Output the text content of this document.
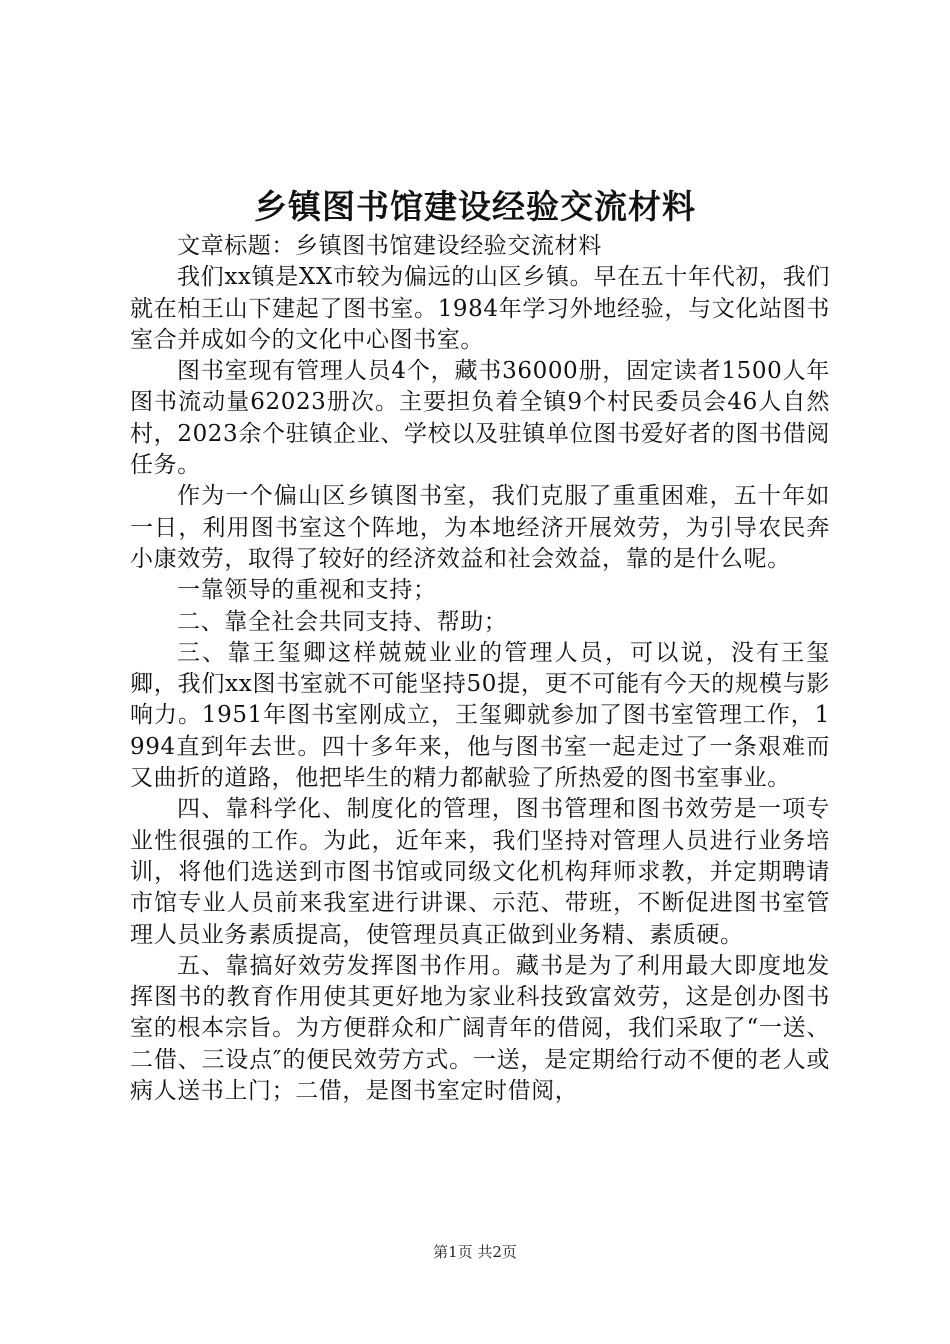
乡镇图书馆建设经验交流材料

文章标题：乡镇图书馆建设经验交流材料

我们xx镇是XX市较为偏远的山区乡镇。早在五十年代初，我们就在柏王山下建起了图书室。1984年学习外地经验，与文化站图书室合并成如今的文化中心图书室。

图书室现有管理人员4个，藏书36000册，固定读者1500人年图书流动量62023册次。主要担负着全镇9个村民委员会46人自然村，2023余个驻镇企业、学校以及驻镇单位图书爱好者的图书借阅任务。

作为一个偏山区乡镇图书室，我们克服了重重困难，五十年如一日，利用图书室这个阵地，为本地经济开展效劳，为引导农民奔小康效劳，取得了较好的经济效益和社会效益，靠的是什么呢。

一靠领导的重视和支持；

二、靠全社会共同支持、帮助；

三、靠王玺卿这样兢兢业业的管理人员，可以说，没有王玺卿，我们xx图书室就不可能坚持50提，更不可能有今天的规模与影响力。1951年图书室刚成立，王玺卿就参加了图书室管理工作，1994直到年去世。四十多年来，他与图书室一起走过了一条艰难而又曲折的道路，他把毕生的精力都献验了所热爱的图书室事业。

四、靠科学化、制度化的管理，图书管理和图书效劳是一项专业性很强的工作。为此，近年来，我们坚持对管理人员进行业务培训，将他们选送到市图书馆或同级文化机构拜师求教，并定期聘请市馆专业人员前来我室进行讲课、示范、带班，不断促进图书室管理人员业务素质提高，使管理员真正做到业务精、素质硬。

五、靠搞好效劳发挥图书作用。藏书是为了利用最大即度地发挥图书的教育作用使其更好地为家业科技致富效劳，这是创办图书室的根本宗旨。为方便群众和广阔青年的借阅，我们采取了“一送、二借、三设点″的便民效劳方式。一送，是定期给行动不便的老人或病人送书上门；二借，是图书室定时借阅，

第1页 共2页
